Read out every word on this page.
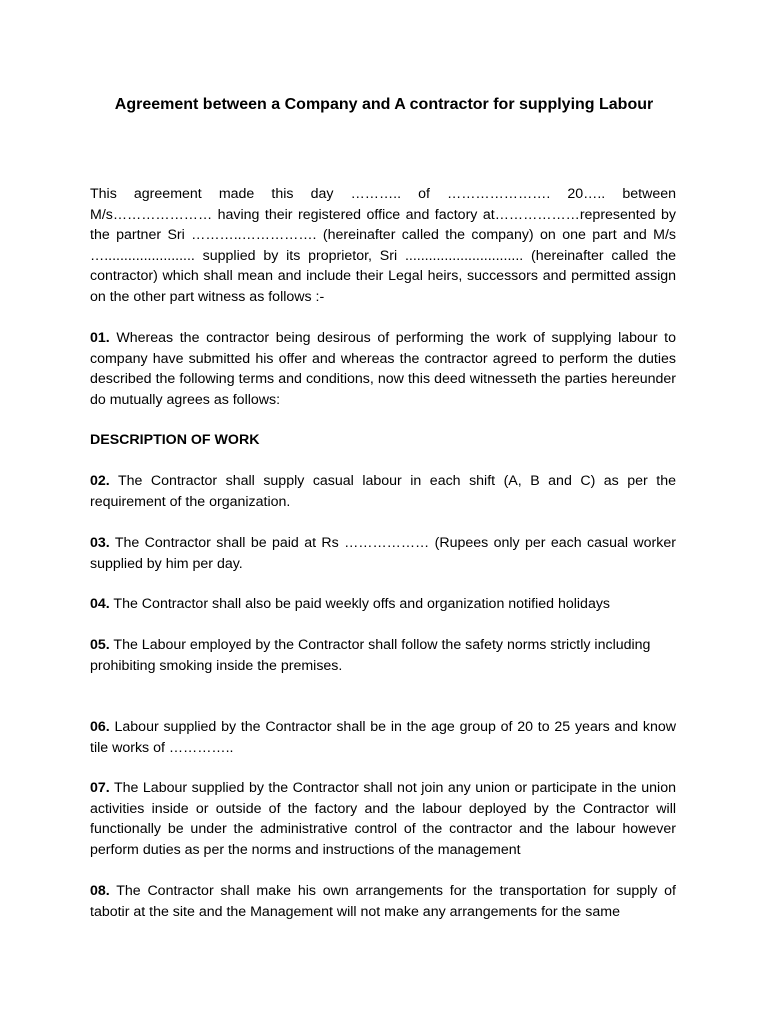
Agreement between a Company and A contractor for supplying Labour

This agreement made this day ……….. of …………………. 20….. between M/s………………… having their registered office and factory at………………represented by the partner Sri ………..……………. (hereinafter called the company) on one part and M/s …....................... supplied by its proprietor, Sri .............................. (hereinafter called the contractor) which shall mean and include their Legal heirs, successors and permitted assign on the other part witness as follows :-

01. Whereas the contractor being desirous of performing the work of supplying labour to company have submitted his offer and whereas the contractor agreed to perform the duties described the following terms and conditions, now this deed witnesseth the parties hereunder do mutually agrees as follows:

DESCRIPTION OF WORK

02. The Contractor shall supply casual labour in each shift (A, B and C) as per the requirement of the organization.

03. The Contractor shall be paid at Rs ……………… (Rupees only per each casual worker supplied by him per day.

04. The Contractor shall also be paid weekly offs and organization notified holidays

05. The Labour employed by the Contractor shall follow the safety norms strictly including
prohibiting smoking inside the premises.

06. Labour supplied by the Contractor shall be in the age group of 20 to 25 years and know tile works of …………..

07. The Labour supplied by the Contractor shall not join any union or participate in the union activities inside or outside of the factory and the labour deployed by the Contractor will functionally be under the administrative control of the contractor and the labour however perform duties as per the norms and instructions of the management

08. The Contractor shall make his own arrangements for the transportation for supply of tabotir at the site and the Management will not make any arrangements for the same
